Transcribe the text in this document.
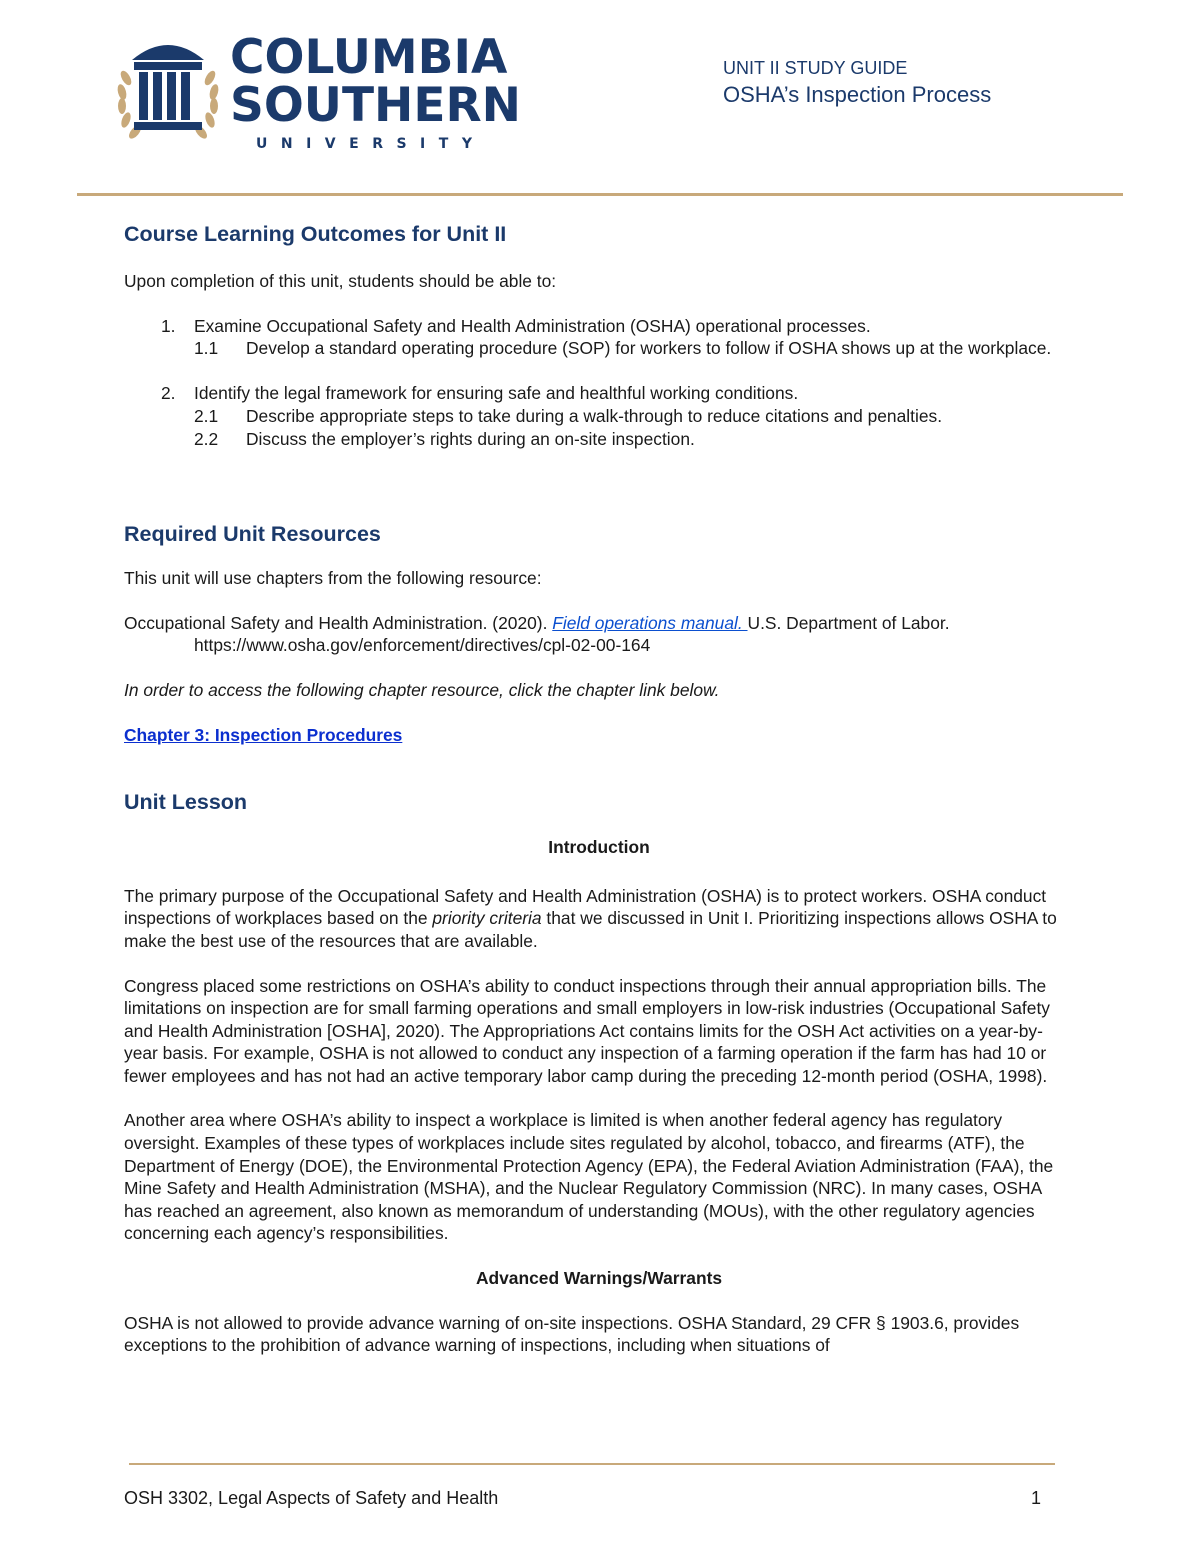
COLUMBIA
SOUTHERN
UNIVERSITY
UNIT II STUDY GUIDE
OSHA’s Inspection Process
Course Learning Outcomes for Unit II

Upon completion of this unit, students should be able to:

1.	Examine Occupational Safety and Health Administration (OSHA) operational processes.
1.1	Develop a standard operating procedure (SOP) for workers to follow if OSHA shows up at the workplace.
2.	Identify the legal framework for ensuring safe and healthful working conditions.
2.1	Describe appropriate steps to take during a walk-through to reduce citations and penalties.
2.2	Discuss the employer’s rights during an on-site inspection.
Required Unit Resources

This unit will use chapters from the following resource:

Occupational Safety and Health Administration. (2020). Field operations manual. U.S. Department of Labor.
https://www.osha.gov/enforcement/directives/cpl-02-00-164

In order to access the following chapter resource, click the chapter link below.

Chapter 3: Inspection Procedures

Unit Lesson

Introduction

The primary purpose of the Occupational Safety and Health Administration (OSHA) is to protect workers. OSHA conduct inspections of workplaces based on the priority criteria that we discussed in Unit I. Prioritizing inspections allows OSHA to make the best use of the resources that are available.

Congress placed some restrictions on OSHA’s ability to conduct inspections through their annual appropriation bills. The limitations on inspection are for small farming operations and small employers in low-risk industries (Occupational Safety and Health Administration [OSHA], 2020). The Appropriations Act contains limits for the OSH Act activities on a year-by-year basis. For example, OSHA is not allowed to conduct any inspection of a farming operation if the farm has had 10 or fewer employees and has not had an active temporary labor camp during the preceding 12-month period (OSHA, 1998).

Another area where OSHA’s ability to inspect a workplace is limited is when another federal agency has regulatory oversight. Examples of these types of workplaces include sites regulated by alcohol, tobacco, and firearms (ATF), the Department of Energy (DOE), the Environmental Protection Agency (EPA), the Federal Aviation Administration (FAA), the Mine Safety and Health Administration (MSHA), and the Nuclear Regulatory Commission (NRC). In many cases, OSHA has reached an agreement, also known as memorandum of understanding (MOUs), with the other regulatory agencies concerning each agency’s responsibilities.

Advanced Warnings/Warrants

OSHA is not allowed to provide advance warning of on-site inspections. OSHA Standard, 29 CFR § 1903.6, provides exceptions to the prohibition of advance warning of inspections, including when situations of

OSH 3302, Legal Aspects of Safety and Health	1
